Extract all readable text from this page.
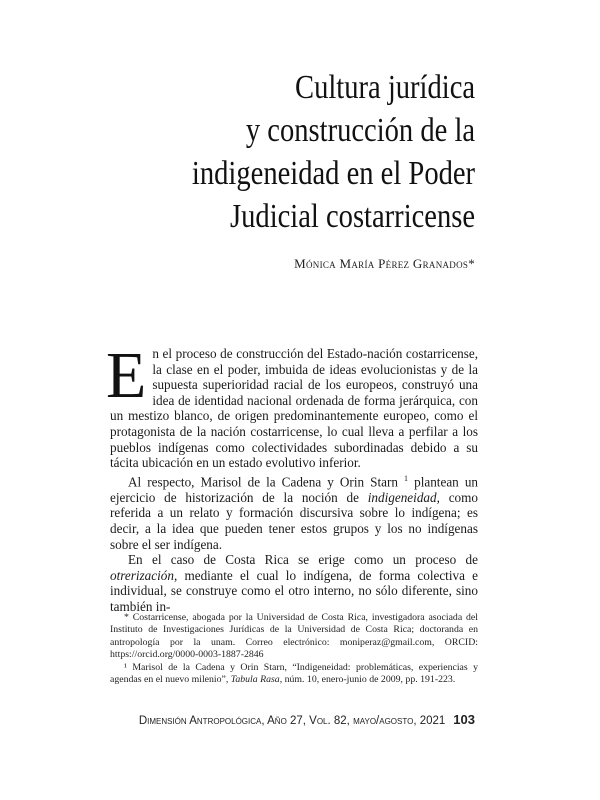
Cultura jurídica
y construcción de la
indigeneidad en el Poder
Judicial costarricense
Mónica María Pérez Granados*

En el proceso de construcción del Estado-nación costarricense, la clase en el poder, imbuida de ideas evolucionistas y de la supuesta superioridad racial de los europeos, construyó una idea de identidad nacional ordenada de forma jerárquica, con un mestizo blanco, de origen predominantemente europeo, como el protagonista de la nación costarricense, lo cual lleva a perfilar a los pueblos indígenas como colectividades subordinadas debido a su tácita ubicación en un estado evolutivo inferior.

Al respecto, Marisol de la Cadena y Orin Starn $^1$ plantean un ejercicio de historización de la noción de indigeneidad, como referida a un relato y formación discursiva sobre lo indígena; es decir, a la idea que pueden tener estos grupos y los no indígenas sobre el ser indígena.

En el caso de Costa Rica se erige como un proceso de otrerización, mediante el cual lo indígena, de forma colectiva e individual, se construye como el otro interno, no sólo diferente, sino también in-

* Costarricense, abogada por la Universidad de Costa Rica, investigadora asociada del Instituto de Investigaciones Jurídicas de la Universidad de Costa Rica; doctoranda en antropología por la unam. Correo electrónico: moniperaz@gmail.com, ORCID: https://orcid.org/0000-0003-1887-2846

¹ Marisol de la Cadena y Orin Starn, “Indigeneidad: problemáticas, experiencias y agendas en el nuevo milenio”, Tabula Rasa, núm. 10, enero-junio de 2009, pp. 191-223.

Dimensión Antropológica, Año 27, Vol. 82, mayo/agosto, 2021 103
